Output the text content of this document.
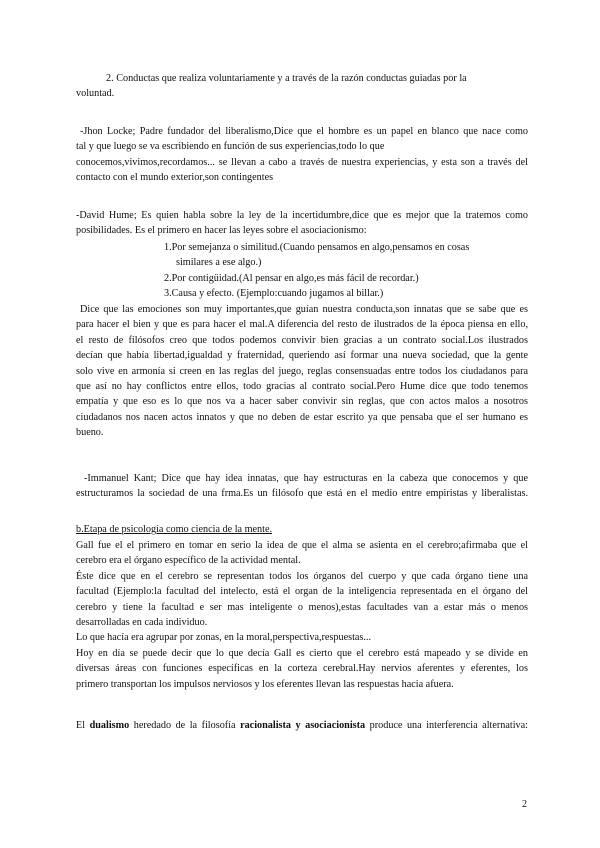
2. Conductas que realiza voluntariamente y a través de la razón conductas guiadas por la
voluntad.

-Jhon Locke; Padre fundador del liberalismo,Dice que el hombre es un papel en blanco que nace como
tal y que luego se va escribiendo en función de sus experiencias,todo lo que
conocemos,vivimos,recordamos... se llevan a cabo a través de nuestra experiencias, y esta son a través del
contacto con el mundo exterior,son contingentes

-David Hume; Es quien habla sobre la ley de la incertidumbre,dice que es mejor que la tratemos como
posibilidades. Es el primero en hacer las leyes sobre el asociacionismo:

1.Por semejanza o similitud.(Cuando pensamos en algo,pensamos en cosas
similares a ese algo.)
2.Por contigüidad.(Al pensar en algo,es más fácil de recordar.)
3.Causa y efecto. (Ejemplo:cuando jugamos al billar.)

Dice que las emociones son muy importantes,que guían nuestra conducta,son innatas que se sabe que es
para hacer el bien y que es para hacer el mal.A diferencia del resto de ilustrados de la época piensa en ello,
el resto de filósofos creo que todos podemos convivir bien gracias a un contrato social.Los ilustrados
decían que había libertad,igualdad y fraternidad, queriendo así formar una nueva sociedad, que la gente
solo vive en armonía si creen en las reglas del juego, reglas consensuadas entre todos los ciudadanos para
que así no hay conflictos entre ellos, todo gracias al contrato social.Pero Hume dice que todo tenemos
empatía y que eso es lo que nos va a hacer saber convivir sin reglas, que con actos malos a nosotros
ciudadanos nos nacen actos innatos y que no deben de estar escrito ya que pensaba que el ser humano es
bueno.

-Immanuel Kant; Dice que hay idea innatas, que hay estructuras en la cabeza que conocemos y que
estructuramos la sociedad de una frma.Es un filósofo que está en el medio entre empiristas y liberalistas.

b.Etapa de psicología como ciencia de la mente.

Gall fue el el primero en tomar en serio la idea de que el alma se asienta en el cerebro;afirmaba que el
cerebro era el órgano específico de la actividad mental.
Éste dice que en el cerebro se representan todos los órganos del cuerpo y que cada órgano tiene una
facultad (Ejemplo:la facultad del intelecto, está el organ de la inteligencia representada en el órgano del
cerebro y tiene la facultad e ser mas inteligente o menos),estas facultades van a estar más o menos
desarrolladas en cada individuo.
Lo que hacía era agrupar por zonas, en la moral,perspectiva,respuestas...
Hoy en día se puede decir que lo que decía Gall es cierto que el cerebro está mapeado y se divide en
diversas áreas con funciones específicas en la corteza cerebral.Hay nervios aferentes y eferentes, los
primero transportan los impulsos nerviosos y los eferentes llevan las respuestas hacia afuera.

El dualismo heredado de la filosofía racionalista y asociacionista produce una interferencia alternativa:

2
